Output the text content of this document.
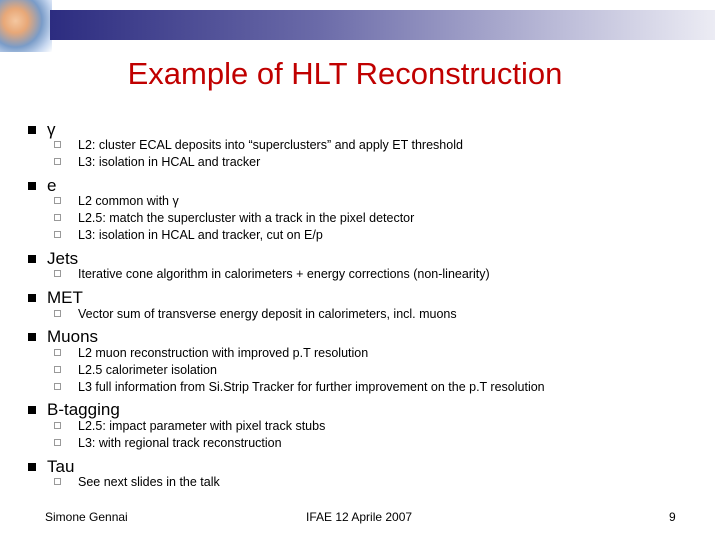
Example of HLT Reconstruction
γ
L2: cluster ECAL deposits into “superclusters” and apply ET threshold
L3: isolation in HCAL and tracker
e
L2 common with γ
L2.5: match the supercluster with a track in the pixel detector
L3: isolation in HCAL and tracker, cut on E/p
Jets
Iterative cone algorithm in calorimeters + energy corrections (non-linearity)
MET
Vector sum of transverse energy deposit in calorimeters, incl. muons
Muons
L2 muon reconstruction with improved p.T resolution
L2.5 calorimeter isolation
L3 full information from Si.Strip Tracker for further improvement on the p.T resolution
B-tagging
L2.5: impact parameter with pixel track stubs
L3: with regional track reconstruction
Tau
See next slides in the talk
Simone Gennai	IFAE 12 Aprile 2007	9
